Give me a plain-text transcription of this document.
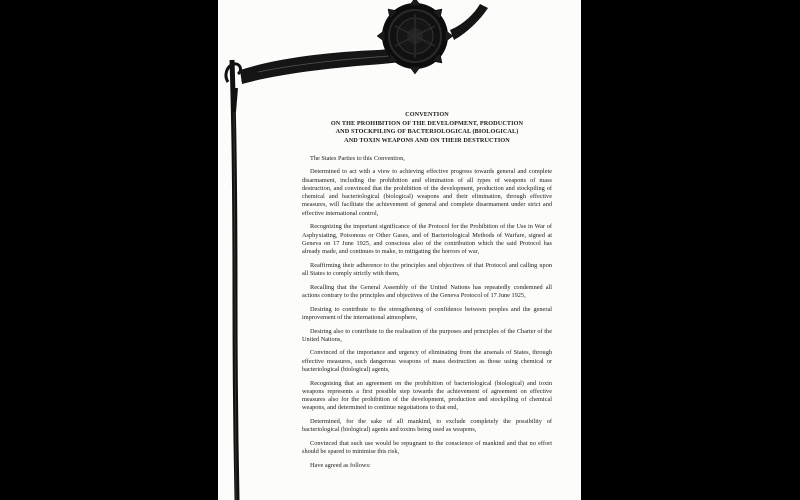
CONVENTION
ON THE PROHIBITION OF THE DEVELOPMENT, PRODUCTION
AND STOCKPILING OF BACTERIOLOGICAL (BIOLOGICAL)
AND TOXIN WEAPONS AND ON THEIR DESTRUCTION

The States Parties to this Convention,

Determined to act with a view to achieving effective progress towards general and complete disarmament, including the prohibition and elimination of all types of weapons of mass destruction, and convinced that the prohibition of the development, production and stockpiling of chemical and bacteriological (biological) weapons and their elimination, through effective measures, will facilitate the achievement of general and complete disarmament under strict and effective international control,

Recognizing the important significance of the Protocol for the Prohibition of the Use in War of Asphyxiating, Poisonous or Other Gases, and of Bacteriological Methods of Warfare, signed at Geneva on 17 June 1925, and conscious also of the contribution which the said Protocol has already made, and continues to make, to mitigating the horrors of war,

Reaffirming their adherence to the principles and objectives of that Protocol and calling upon all States to comply strictly with them,

Recalling that the General Assembly of the United Nations has repeatedly condemned all actions contrary to the principles and objectives of the Geneva Protocol of 17 June 1925,

Desiring to contribute to the strengthening of confidence between peoples and the general improvement of the international atmosphere,

Desiring also to contribute to the realisation of the purposes and principles of the Charter of the United Nations,

Convinced of the importance and urgency of eliminating from the arsenals of States, through effective measures, such dangerous weapons of mass destruction as those using chemical or bacteriological (biological) agents,

Recognising that an agreement on the prohibition of bacteriological (biological) and toxin weapons represents a first possible step towards the achievement of agreement on effective measures also for the prohibition of the development, production and stockpiling of chemical weapons, and determined to continue negotiations to that end,

Determined, for the sake of all mankind, to exclude completely the possibility of bacteriological (biological) agents and toxins being used as weapons,

Convinced that such use would be repugnant to the conscience of mankind and that no effort should be spared to minimise this risk,

Have agreed as follows:
